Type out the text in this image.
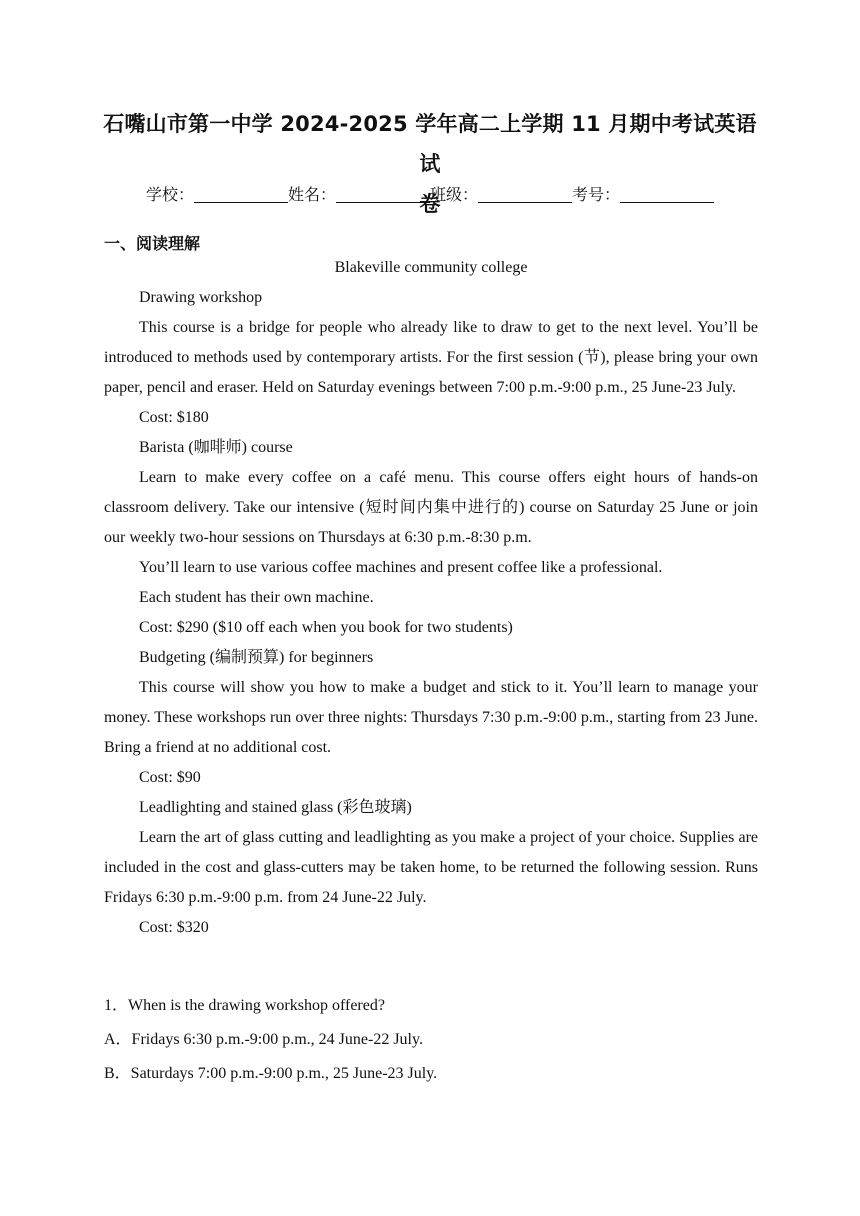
石嘴山市第一中学 2024-2025 学年高二上学期 11 月期中考试英语试
卷
学校：	姓名：	班级：	考号：
一、阅读理解
Blakeville community college

Drawing workshop

This course is a bridge for people who already like to draw to get to the next level. You’ll be introduced to methods used by contemporary artists. For the first session (节), please bring your own paper, pencil and eraser. Held on Saturday evenings between 7:00 p.m.-9:00 p.m., 25 June-23 July.

Cost: $180

Barista (咖啡师) course

Learn to make every coffee on a café menu. This course offers eight hours of hands-on classroom delivery. Take our intensive (短时间内集中进行的) course on Saturday 25 June or join our weekly two-hour sessions on Thursdays at 6:30 p.m.-8:30 p.m.

You’ll learn to use various coffee machines and present coffee like a professional.

Each student has their own machine.

Cost: $290 ($10 off each when you book for two students)

Budgeting (编制预算) for beginners

This course will show you how to make a budget and stick to it. You’ll learn to manage your money. These workshops run over three nights: Thursdays 7:30 p.m.-9:00 p.m., starting from 23 June. Bring a friend at no additional cost.

Cost: $90

Leadlighting and stained glass (彩色玻璃)

Learn the art of glass cutting and leadlighting as you make a project of your choice. Supplies are included in the cost and glass-cutters may be taken home, to be returned the following session. Runs Fridays 6:30 p.m.-9:00 p.m. from 24 June-22 July.

Cost: $320

1．When is the drawing workshop offered?
A．Fridays 6:30 p.m.-9:00 p.m., 24 June-22 July.
B．Saturdays 7:00 p.m.-9:00 p.m., 25 June-23 July.
